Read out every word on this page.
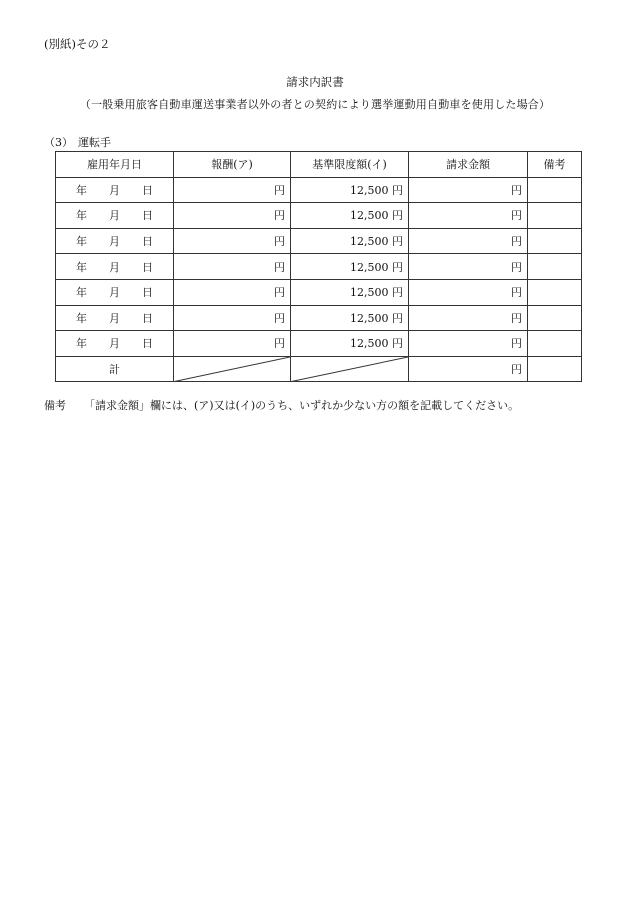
(別紙)その２
請求内訳書
（一般乗用旅客自動車運送事業者以外の者との契約により選挙運動用自動車を使用した場合）
（3） 運転手
雇用年月日	報酬(ア)	基準限度額(イ)	請求金額	備考
年 月 日	円	12,500 円	円	
年 月 日	円	12,500 円	円	
年 月 日	円	12,500 円	円	
年 月 日	円	12,500 円	円	
年 月 日	円	12,500 円	円	
年 月 日	円	12,500 円	円	
年 月 日	円	12,500 円	円	
計			円	
備考 「請求金額」欄には、(ア)又は(イ)のうち、いずれか少ない方の額を記載してください。
